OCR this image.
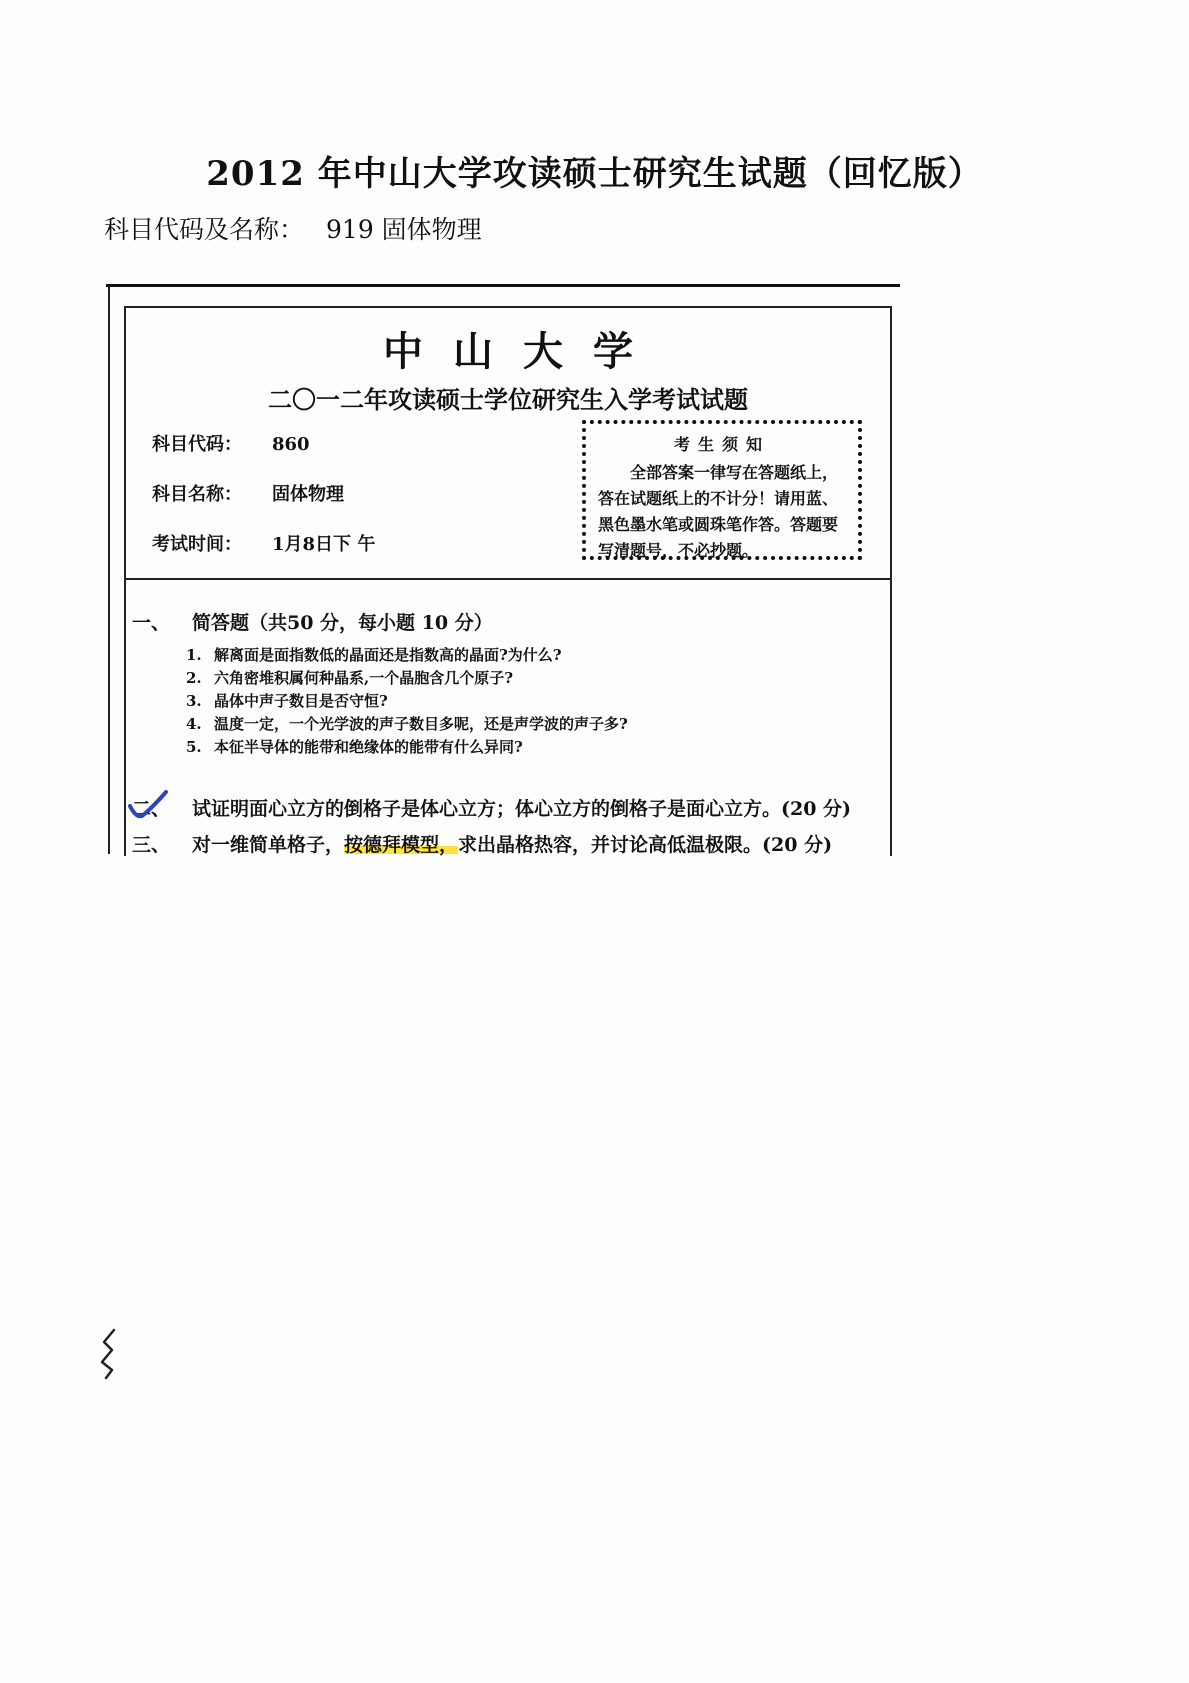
2012 年中山大学攻读硕士研究生试题（回忆版）
科目代码及名称： 919 固体物理
中山大学
二〇一二年攻读硕士学位研究生入学考试试题
科目代码： 860
科目名称： 固体物理
考试时间： 1月8日下 午
考生须知
全部答案一律写在答题纸上，答在试题纸上的不计分！请用蓝、黑色墨水笔或圆珠笔作答。答题要写清题号，不必抄题。
一、 简答题（共50 分，每小题 10 分）
1. 解离面是面指数低的晶面还是指数高的晶面?为什么?
2. 六角密堆积属何种晶系,一个晶胞含几个原子?
3. 晶体中声子数目是否守恒?
4. 温度一定，一个光学波的声子数目多呢，还是声学波的声子多?
5. 本征半导体的能带和绝缘体的能带有什么异同?
二、 试证明面心立方的倒格子是体心立方；体心立方的倒格子是面心立方。(20 分)
三、 对一维简单格子，按德拜模型，求出晶格热容，并讨论高低温极限。(20 分)
